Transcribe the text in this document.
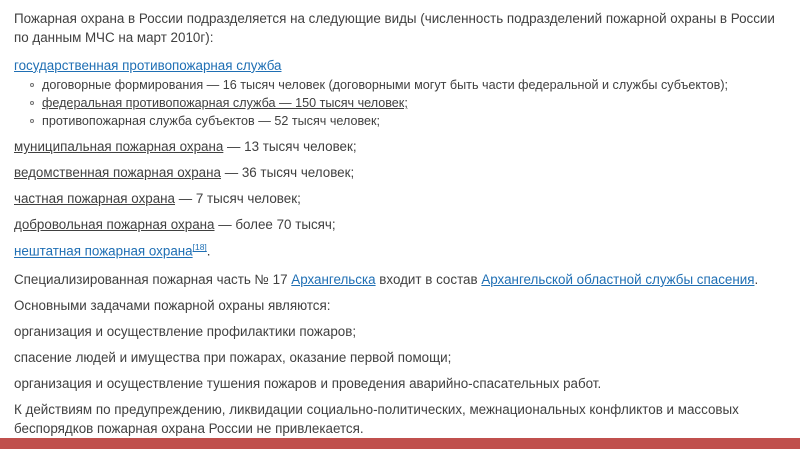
Пожарная охрана в России подразделяется на следующие виды (численность подразделений пожарной охраны в России по данным МЧС на март 2010г):

государственная противопожарная служба

договорные формирования — 16 тысяч человек (договорными могут быть части федеральной и службы субъектов);
федеральная противопожарная служба — 150 тысяч человек;
противопожарная служба субъектов — 52 тысяч человек;

муниципальная пожарная охрана — 13 тысяч человек;

ведомственная пожарная охрана — 36 тысяч человек;

частная пожарная охрана — 7 тысяч человек;

добровольная пожарная охрана — более 70 тысяч;

нештатная пожарная охрана[18].

Специализированная пожарная часть № 17 Архангельска входит в состав Архангельской областной службы спасения.

Основными задачами пожарной охраны являются:

организация и осуществление профилактики пожаров;

спасение людей и имущества при пожарах, оказание первой помощи;

организация и осуществление тушения пожаров и проведения аварийно-спасательных работ.

К действиям по предупреждению, ликвидации социально-политических, межнациональных конфликтов и массовых беспорядков пожарная охрана России не привлекается.
